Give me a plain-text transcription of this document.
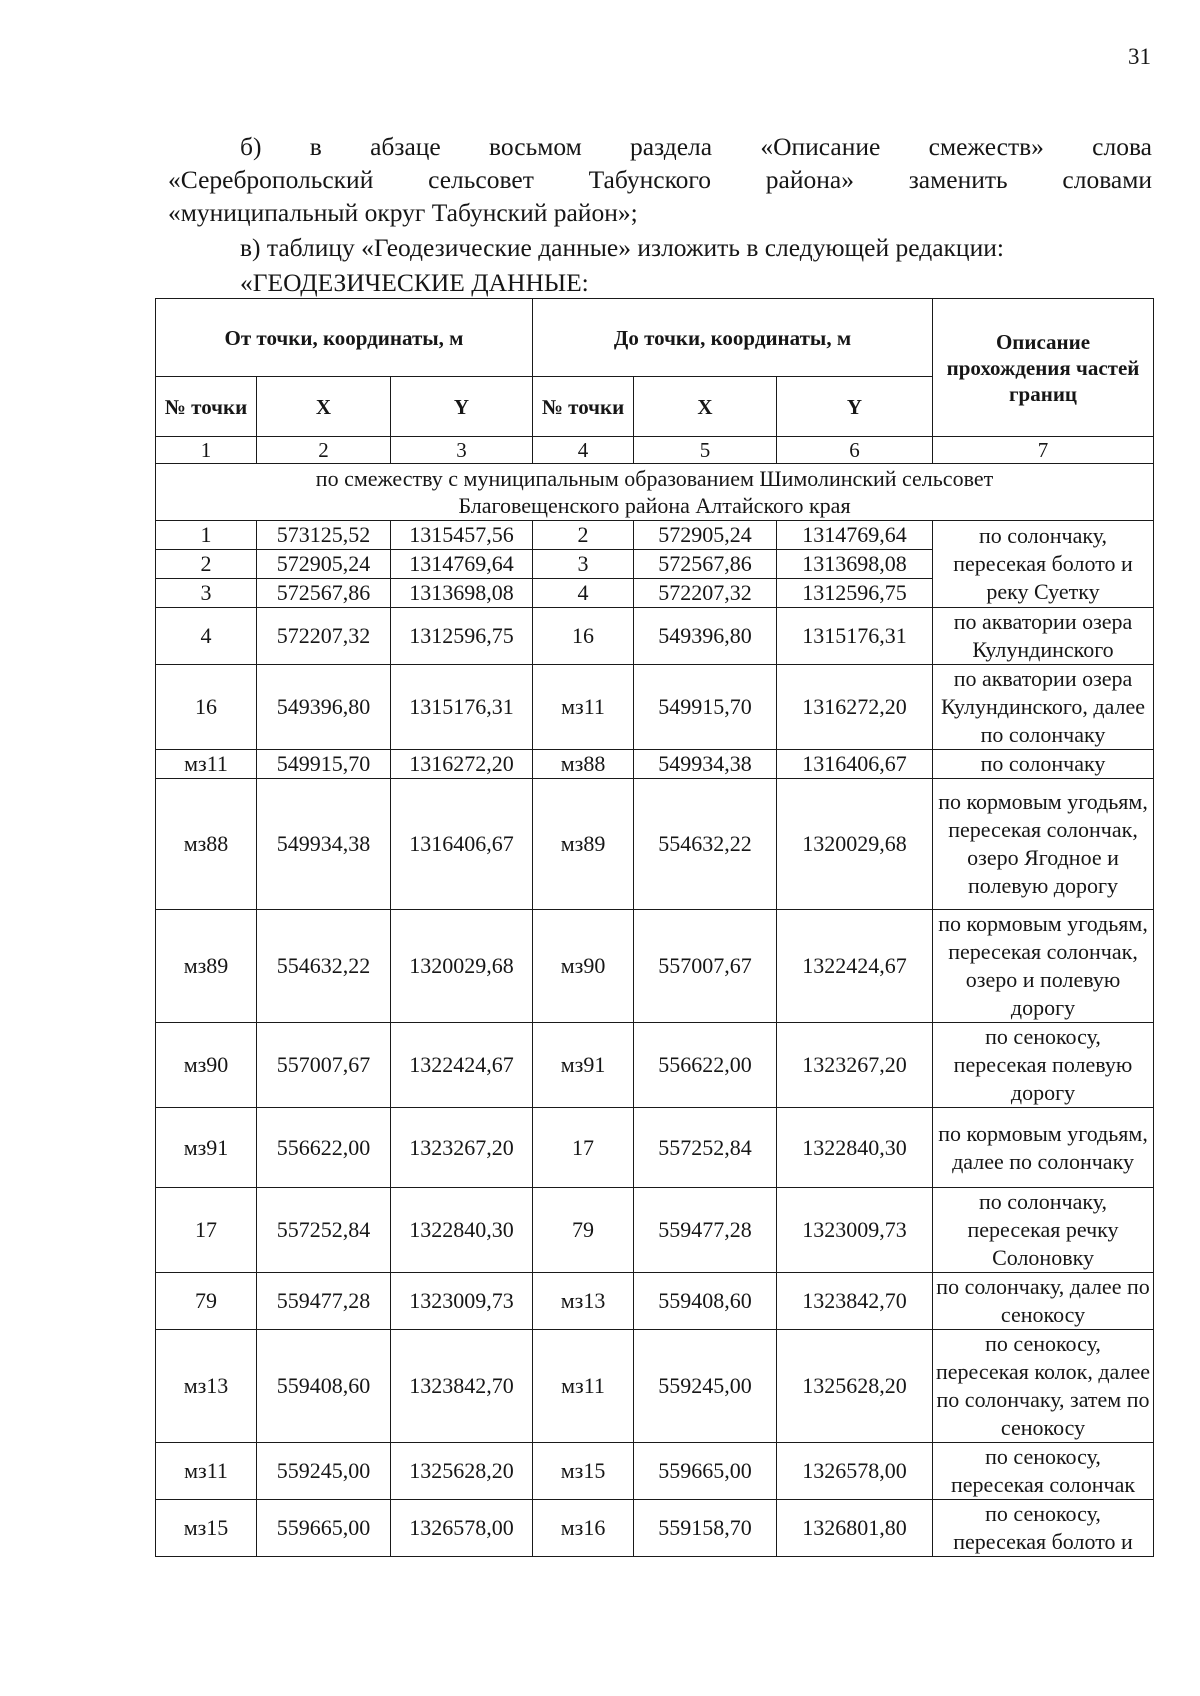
31
б) в абзаце восьмом раздела «Описание смежеств» слова
«Серебропольский сельсовет Табунского района» заменить словами
«муниципальный округ Табунский район»;
в) таблицу «Геодезические данные» изложить в следующей редакции:
«ГЕОДЕЗИЧЕСКИЕ ДАННЫЕ:
От точки, координаты, м			До точки, координаты, м			Описание прохождения частей границ
№ точки	X	Y	№ точки	X	Y	
1	2	3	4	5	6	7
по смежеству с муниципальным образованием Шимолинский сельсовет
Благовещенского района Алтайского края						
1	573125,52	1315457,56	2	572905,24	1314769,64	по солончаку, пересекая болото и реку Суетку
2	572905,24	1314769,64	3	572567,86	1313698,08	
3	572567,86	1313698,08	4	572207,32	1312596,75	
4	572207,32	1312596,75	16	549396,80	1315176,31	по акватории озера Кулундинского
16	549396,80	1315176,31	мз11	549915,70	1316272,20	по акватории озера Кулундинского, далее по солончаку
мз11	549915,70	1316272,20	мз88	549934,38	1316406,67	по солончаку
мз88	549934,38	1316406,67	мз89	554632,22	1320029,68	по кормовым угодьям, пересекая солончак, озеро Ягодное и полевую дорогу
мз89	554632,22	1320029,68	мз90	557007,67	1322424,67	по кормовым угодьям, пересекая солончак, озеро и полевую дорогу
мз90	557007,67	1322424,67	мз91	556622,00	1323267,20	по сенокосу, пересекая полевую дорогу
мз91	556622,00	1323267,20	17	557252,84	1322840,30	по кормовым угодьям, далее по солончаку
17	557252,84	1322840,30	79	559477,28	1323009,73	по солончаку, пересекая речку Солоновку
79	559477,28	1323009,73	мз13	559408,60	1323842,70	по солончаку, далее по сенокосу
мз13	559408,60	1323842,70	мз11	559245,00	1325628,20	по сенокосу, пересекая колок, далее по солончаку, затем по сенокосу
мз11	559245,00	1325628,20	мз15	559665,00	1326578,00	по сенокосу, пересекая солончак
мз15	559665,00	1326578,00	мз16	559158,70	1326801,80	по сенокосу, пересекая болото и
